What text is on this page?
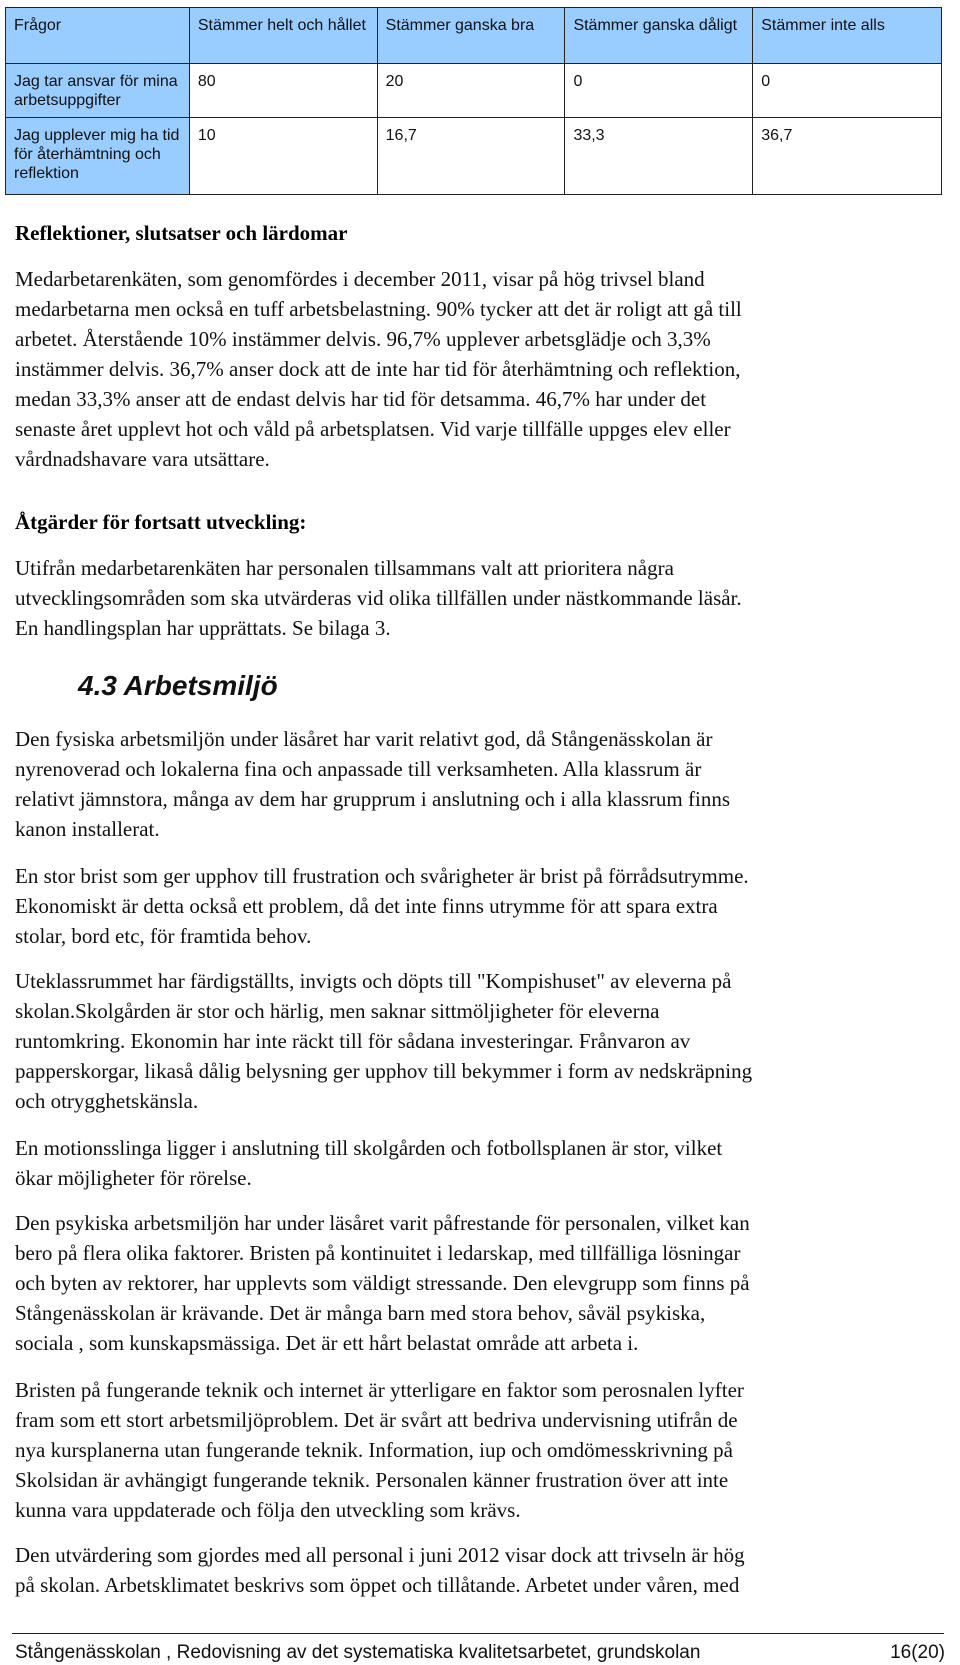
Frågor	Stämmer helt och hållet	Stämmer ganska bra	Stämmer ganska dåligt	Stämmer inte alls
Jag tar ansvar för mina arbetsuppgifter	80	20	0	0
Jag upplever mig ha tid för återhämtning och reflektion	10	16,7	33,3	36,7
Reflektioner, slutsatser och lärdomar

Medarbetarenkäten, som genomfördes i december 2011, visar på hög trivsel bland
medarbetarna men också en tuff arbetsbelastning. 90% tycker att det är roligt att gå till
arbetet. Återstående 10% instämmer delvis. 96,7% upplever arbetsglädje och 3,3%
instämmer delvis. 36,7% anser dock att de inte har tid för återhämtning och reflektion,
medan 33,3% anser att de endast delvis har tid för detsamma. 46,7% har under det
senaste året upplevt hot och våld på arbetsplatsen. Vid varje tillfälle uppges elev eller
vårdnadshavare vara utsättare.

Åtgärder för fortsatt utveckling:

Utifrån medarbetarenkäten har personalen tillsammans valt att prioritera några
utvecklingsområden som ska utvärderas vid olika tillfällen under nästkommande läsår.
En handlingsplan har upprättats. Se bilaga 3.

4.3 Arbetsmiljö

Den fysiska arbetsmiljön under läsåret har varit relativt god, då Stångenässkolan är
nyrenoverad och lokalerna fina och anpassade till verksamheten. Alla klassrum är
relativt jämnstora, många av dem har grupprum i anslutning och i alla klassrum finns
kanon installerat.

En stor brist som ger upphov till frustration och svårigheter är brist på förrådsutrymme.
Ekonomiskt är detta också ett problem, då det inte finns utrymme för att spara extra
stolar, bord etc, för framtida behov.

Uteklassrummet har färdigställts, invigts och döpts till "Kompishuset" av eleverna på
skolan.Skolgården är stor och härlig, men saknar sittmöljigheter för eleverna
runtomkring. Ekonomin har inte räckt till för sådana investeringar. Frånvaron av
papperskorgar, likaså dålig belysning ger upphov till bekymmer i form av nedskräpning
och otrygghetskänsla.

En motionsslinga ligger i anslutning till skolgården och fotbollsplanen är stor, vilket
ökar möjligheter för rörelse.

Den psykiska arbetsmiljön har under läsåret varit påfrestande för personalen, vilket kan
bero på flera olika faktorer. Bristen på kontinuitet i ledarskap, med tillfälliga lösningar
och byten av rektorer, har upplevts som väldigt stressande. Den elevgrupp som finns på
Stångenässkolan är krävande. Det är många barn med stora behov, såväl psykiska,
sociala , som kunskapsmässiga. Det är ett hårt belastat område att arbeta i.

Bristen på fungerande teknik och internet är ytterligare en faktor som perosnalen lyfter
fram som ett stort arbetsmiljöproblem. Det är svårt att bedriva undervisning utifrån de
nya kursplanerna utan fungerande teknik. Information, iup och omdömesskrivning på
Skolsidan är avhängigt fungerande teknik. Personalen känner frustration över att inte
kunna vara uppdaterade och följa den utveckling som krävs.

Den utvärdering som gjordes med all personal i juni 2012 visar dock att trivseln är hög
på skolan. Arbetsklimatet beskrivs som öppet och tillåtande. Arbetet under våren, med

Stångenässkolan , Redovisning av det systematiska kvalitetsarbetet, grundskolan	16(20)
